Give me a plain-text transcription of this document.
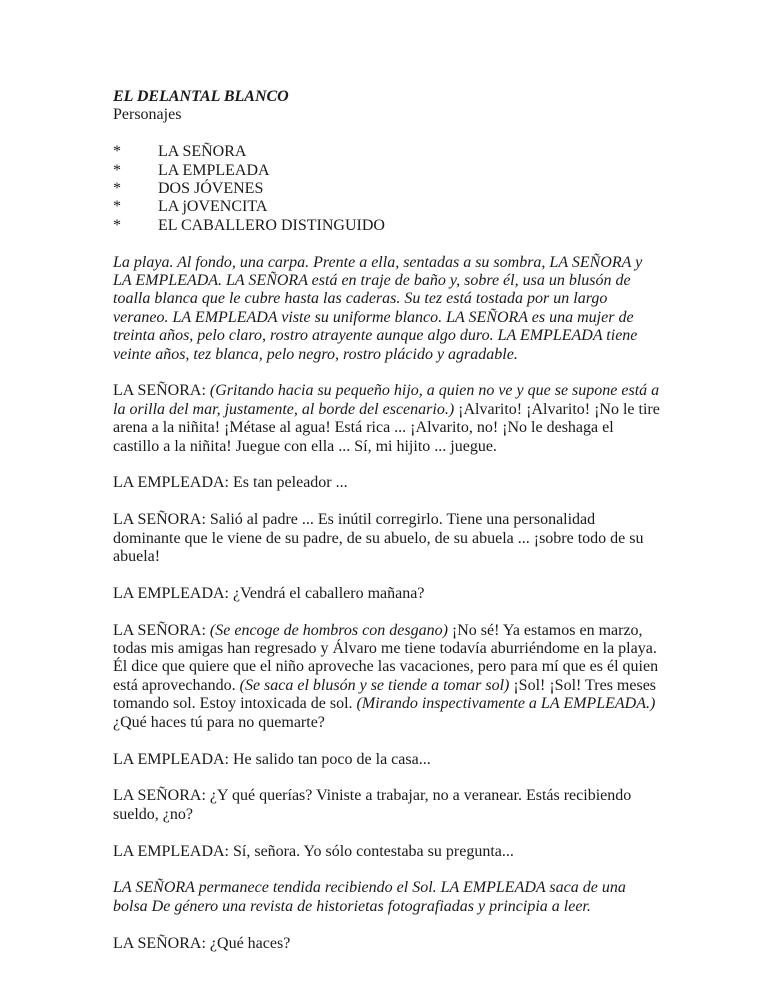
EL DELANTAL BLANCO
Personajes
*	LA SEÑORA
*	LA EMPLEADA
*	DOS JÓVENES
*	LA jOVENCITA
*	EL CABALLERO DISTINGUIDO

La playa. Al fondo, una carpa. Prente a ella, sentadas a su sombra, LA SEÑORA y LA EMPLEADA. LA SEÑORA está en traje de baño y, sobre él, usa un blusón de toalla blanca que le cubre hasta las caderas. Su tez está tostada por un largo veraneo. LA EMPLEADA viste su uniforme blanco. LA SEÑORA es una mujer de treinta años, pelo claro, rostro atrayente aunque algo duro. LA EMPLEADA tiene veinte años, tez blanca, pelo negro, rostro plácido y agradable.

LA SEÑORA: (Gritando hacia su pequeño hijo, a quien no ve y que se supone está a la orilla del mar, justamente, al borde del escenario.) ¡Alvarito! ¡Alvarito! ¡No le tire arena a la niñita! ¡Métase al agua! Está rica ... ¡Alvarito, no! ¡No le deshaga el castillo a la niñita! Juegue con ella ... Sí, mi hijito ... juegue.

LA EMPLEADA: Es tan peleador ...

LA SEÑORA: Salió al padre ... Es inútil corregirlo. Tiene una personalidad dominante que le viene de su padre, de su abuelo, de su abuela ... ¡sobre todo de su abuela!

LA EMPLEADA: ¿Vendrá el caballero mañana?

LA SEÑORA: (Se encoge de hombros con desgano) ¡No sé! Ya estamos en marzo, todas mis amigas han regresado y Álvaro me tiene todavía aburriéndome en la playa. Él dice que quiere que el niño aproveche las vacaciones, pero para mí que es él quien está aprovechando. (Se saca el blusón y se tiende a tomar sol) ¡Sol! ¡Sol! Tres meses tomando sol. Estoy intoxicada de sol. (Mirando inspectivamente a LA EMPLEADA.) ¿Qué haces tú para no quemarte?

LA EMPLEADA: He salido tan poco de la casa...

LA SEÑORA: ¿Y qué querías? Viniste a trabajar, no a veranear. Estás recibiendo sueldo, ¿no?

LA EMPLEADA: Sí, señora. Yo sólo contestaba su pregunta...

LA SEÑORA permanece tendida recibiendo el Sol. LA EMPLEADA saca de una bolsa De género una revista de historietas fotografiadas y principia a leer.

LA SEÑORA: ¿Qué haces?
